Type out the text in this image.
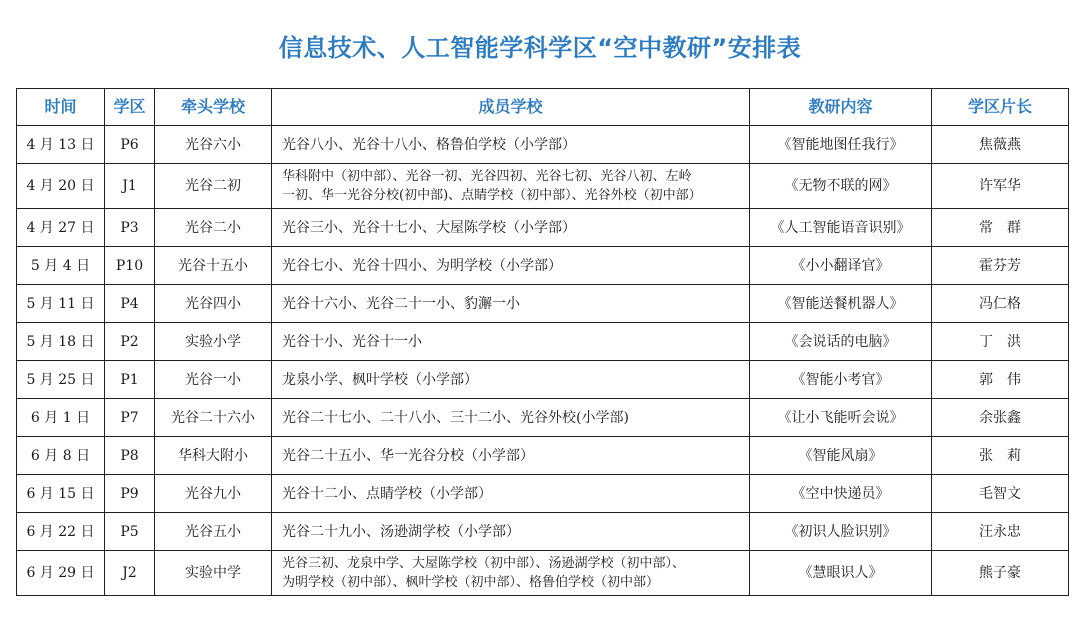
信息技术、人工智能学科学区“空中教研”安排表
时间	学区	牵头学校	成员学校	教研内容	学区片长
4 月 13 日	P6	光谷六小	光谷八小、光谷十八小、格鲁伯学校（小学部）	《智能地图任我行》	焦薇燕
4 月 20 日	J1	光谷二初	华科附中（初中部）、光谷一初、光谷四初、光谷七初、光谷八初、左岭
一初、华一光谷分校(初中部)、点睛学校（初中部）、光谷外校（初中部）	《无物不联的网》	许军华
4 月 27 日	P3	光谷二小	光谷三小、光谷十七小、大屋陈学校（小学部）	《人工智能语音识别》	常　群
5 月 4 日	P10	光谷十五小	光谷七小、光谷十四小、为明学校（小学部）	《小小翻译官》	霍芬芳
5 月 11 日	P4	光谷四小	光谷十六小、光谷二十一小、豹澥一小	《智能送餐机器人》	冯仁格
5 月 18 日	P2	实验小学	光谷十小、光谷十一小	《会说话的电脑》	丁　洪
5 月 25 日	P1	光谷一小	龙泉小学、枫叶学校（小学部）	《智能小考官》	郭　伟
6 月 1 日	P7	光谷二十六小	光谷二十七小、二十八小、三十二小、光谷外校(小学部)	《让小飞能听会说》	余张鑫
6 月 8 日	P8	华科大附小	光谷二十五小、华一光谷分校（小学部）	《智能风扇》	张　莉
6 月 15 日	P9	光谷九小	光谷十二小、点睛学校（小学部）	《空中快递员》	毛智文
6 月 22 日	P5	光谷五小	光谷二十九小、汤逊湖学校（小学部）	《初识人脸识别》	汪永忠
6 月 29 日	J2	实验中学	光谷三初、龙泉中学、大屋陈学校（初中部）、汤逊湖学校（初中部）、
为明学校（初中部）、枫叶学校（初中部）、格鲁伯学校（初中部）	《慧眼识人》	熊子豪
